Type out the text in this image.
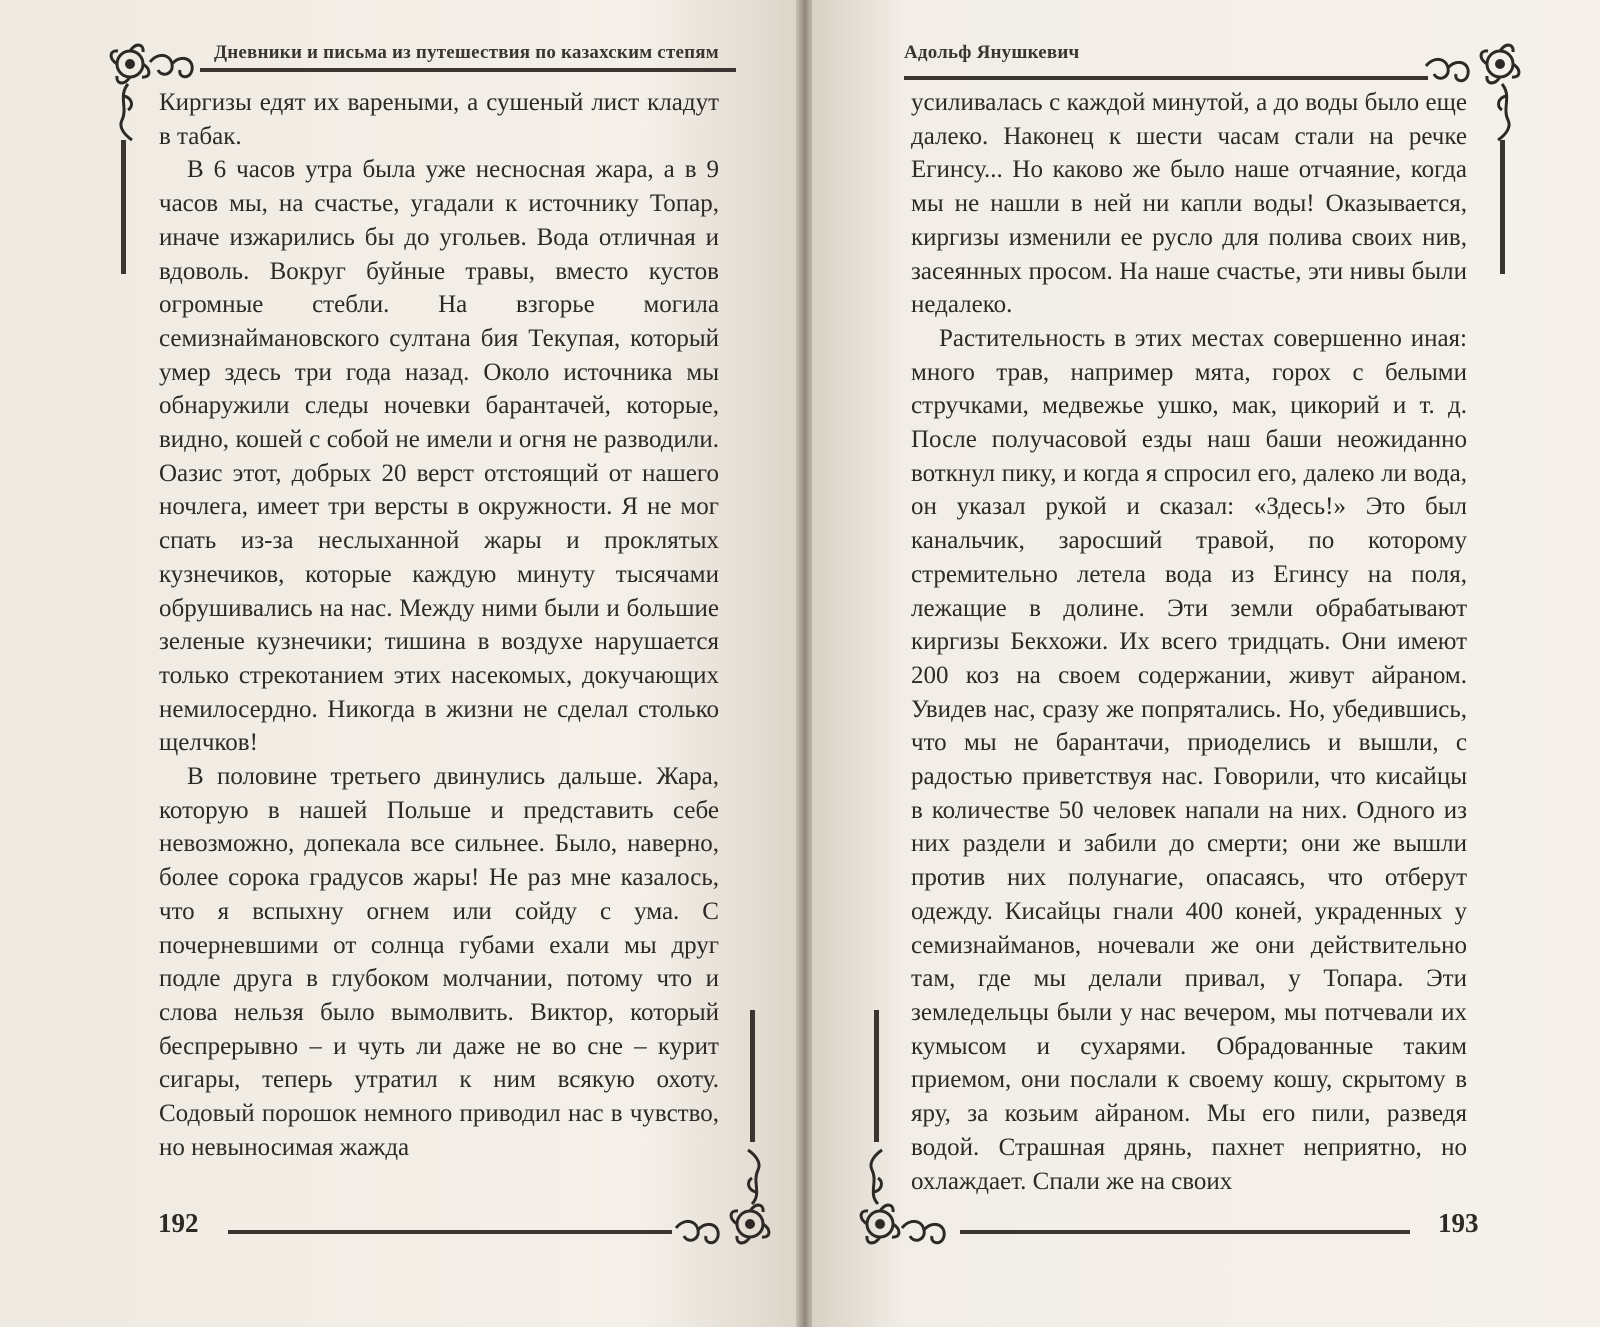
Дневники и письма из путешествия по казахским степям

Киргизы едят их вареными, а сушеный лист кладут в табак.

В 6 часов утра была уже несносная жара, а в 9 часов мы, на счастье, угадали к источнику Топар, иначе изжарились бы до угольев. Вода отличная и вдоволь. Вокруг буйные травы, вместо кустов огромные стебли. На взгорье могила семизнаймановского султана бия Текупая, который умер здесь три года назад. Около источника мы обнаружили следы ночевки барантачей, которые, видно, кошей с собой не имели и огня не разводили. Оазис этот, добрых 20 верст отстоящий от нашего ночлега, имеет три версты в окружности. Я не мог спать из-за неслыханной жары и проклятых кузнечиков, которые каждую минуту тысячами обрушивались на нас. Между ними были и большие зеленые кузнечики; тишина в воздухе нарушается только стрекотанием этих насекомых, докучающих немилосердно. Никогда в жизни не сделал столько щелчков!

В половине третьего двинулись дальше. Жара, которую в нашей Польше и представить себе невозможно, допекала все сильнее. Было, наверно, более сорока градусов жары! Не раз мне казалось, что я вспыхну огнем или сойду с ума. С почерневшими от солнца губами ехали мы друг подле друга в глубоком молчании, потому что и слова нельзя было вымолвить. Виктор, который беспрерывно – и чуть ли даже не во сне – курит сигары, теперь утратил к ним всякую охоту. Содовый порошок немного приводил нас в чувство, но невыносимая жажда

192
Адольф Янушкевич

усиливалась с каждой минутой, а до воды было еще далеко. Наконец к шести часам стали на речке Егинсу... Но каково же было наше отчаяние, когда мы не нашли в ней ни капли воды! Оказывается, киргизы изменили ее русло для полива своих нив, засеянных просом. На наше счастье, эти нивы были недалеко.

Растительность в этих местах совершенно иная: много трав, например мята, горох с белыми стручками, медвежье ушко, мак, цикорий и т. д. После получасовой езды наш баши неожиданно воткнул пику, и когда я спросил его, далеко ли вода, он указал рукой и сказал: «Здесь!» Это был канальчик, заросший травой, по которому стремительно летела вода из Егинсу на поля, лежащие в долине. Эти земли обрабатывают киргизы Бекхожи. Их всего тридцать. Они имеют 200 коз на своем содержании, живут айраном. Увидев нас, сразу же попрятались. Но, убедившись, что мы не барантачи, приоделись и вышли, с радостью приветствуя нас. Говорили, что кисайцы в количестве 50 человек напали на них. Одного из них раздели и забили до смерти; они же вышли против них полунагие, опасаясь, что отберут одежду. Кисайцы гнали 400 коней, украденных у семизнайманов, ночевали же они действительно там, где мы делали привал, у Топара. Эти земледельцы были у нас вечером, мы потчевали их кумысом и сухарями. Обрадованные таким приемом, они послали к своему кошу, скрытому в яру, за козьим айраном. Мы его пили, разведя водой. Страшная дрянь, пахнет неприятно, но охлаждает. Спали же на своих

193
